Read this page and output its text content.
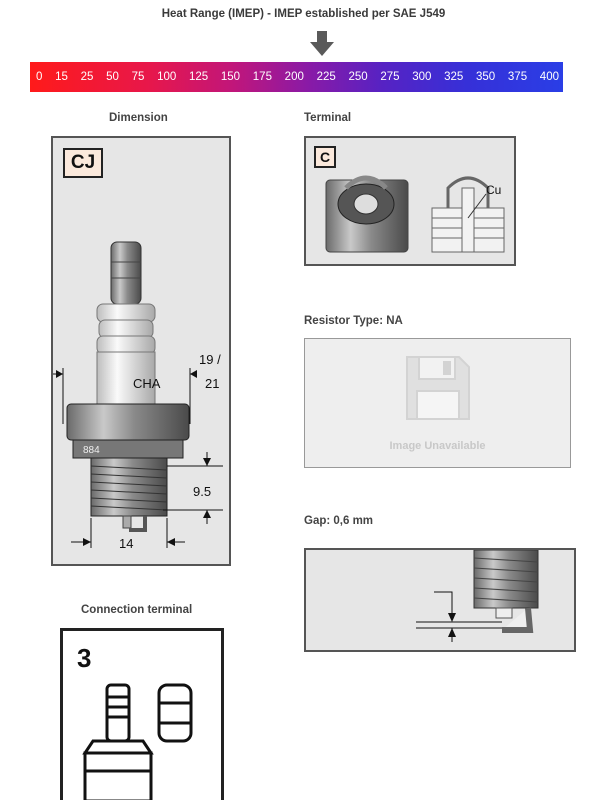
Heat Range (IMEP) - IMEP established per SAE J549
0 15 25 50 75 100 125 150 175 200 225 250 275 300 325 350 375 400
Dimension
CJ
CHA
884
19 /
21
9.5
14
Terminal
C
Cu
Resistor Type: NA
Image Unavailable
Gap: 0,6 mm
Connection terminal
3
